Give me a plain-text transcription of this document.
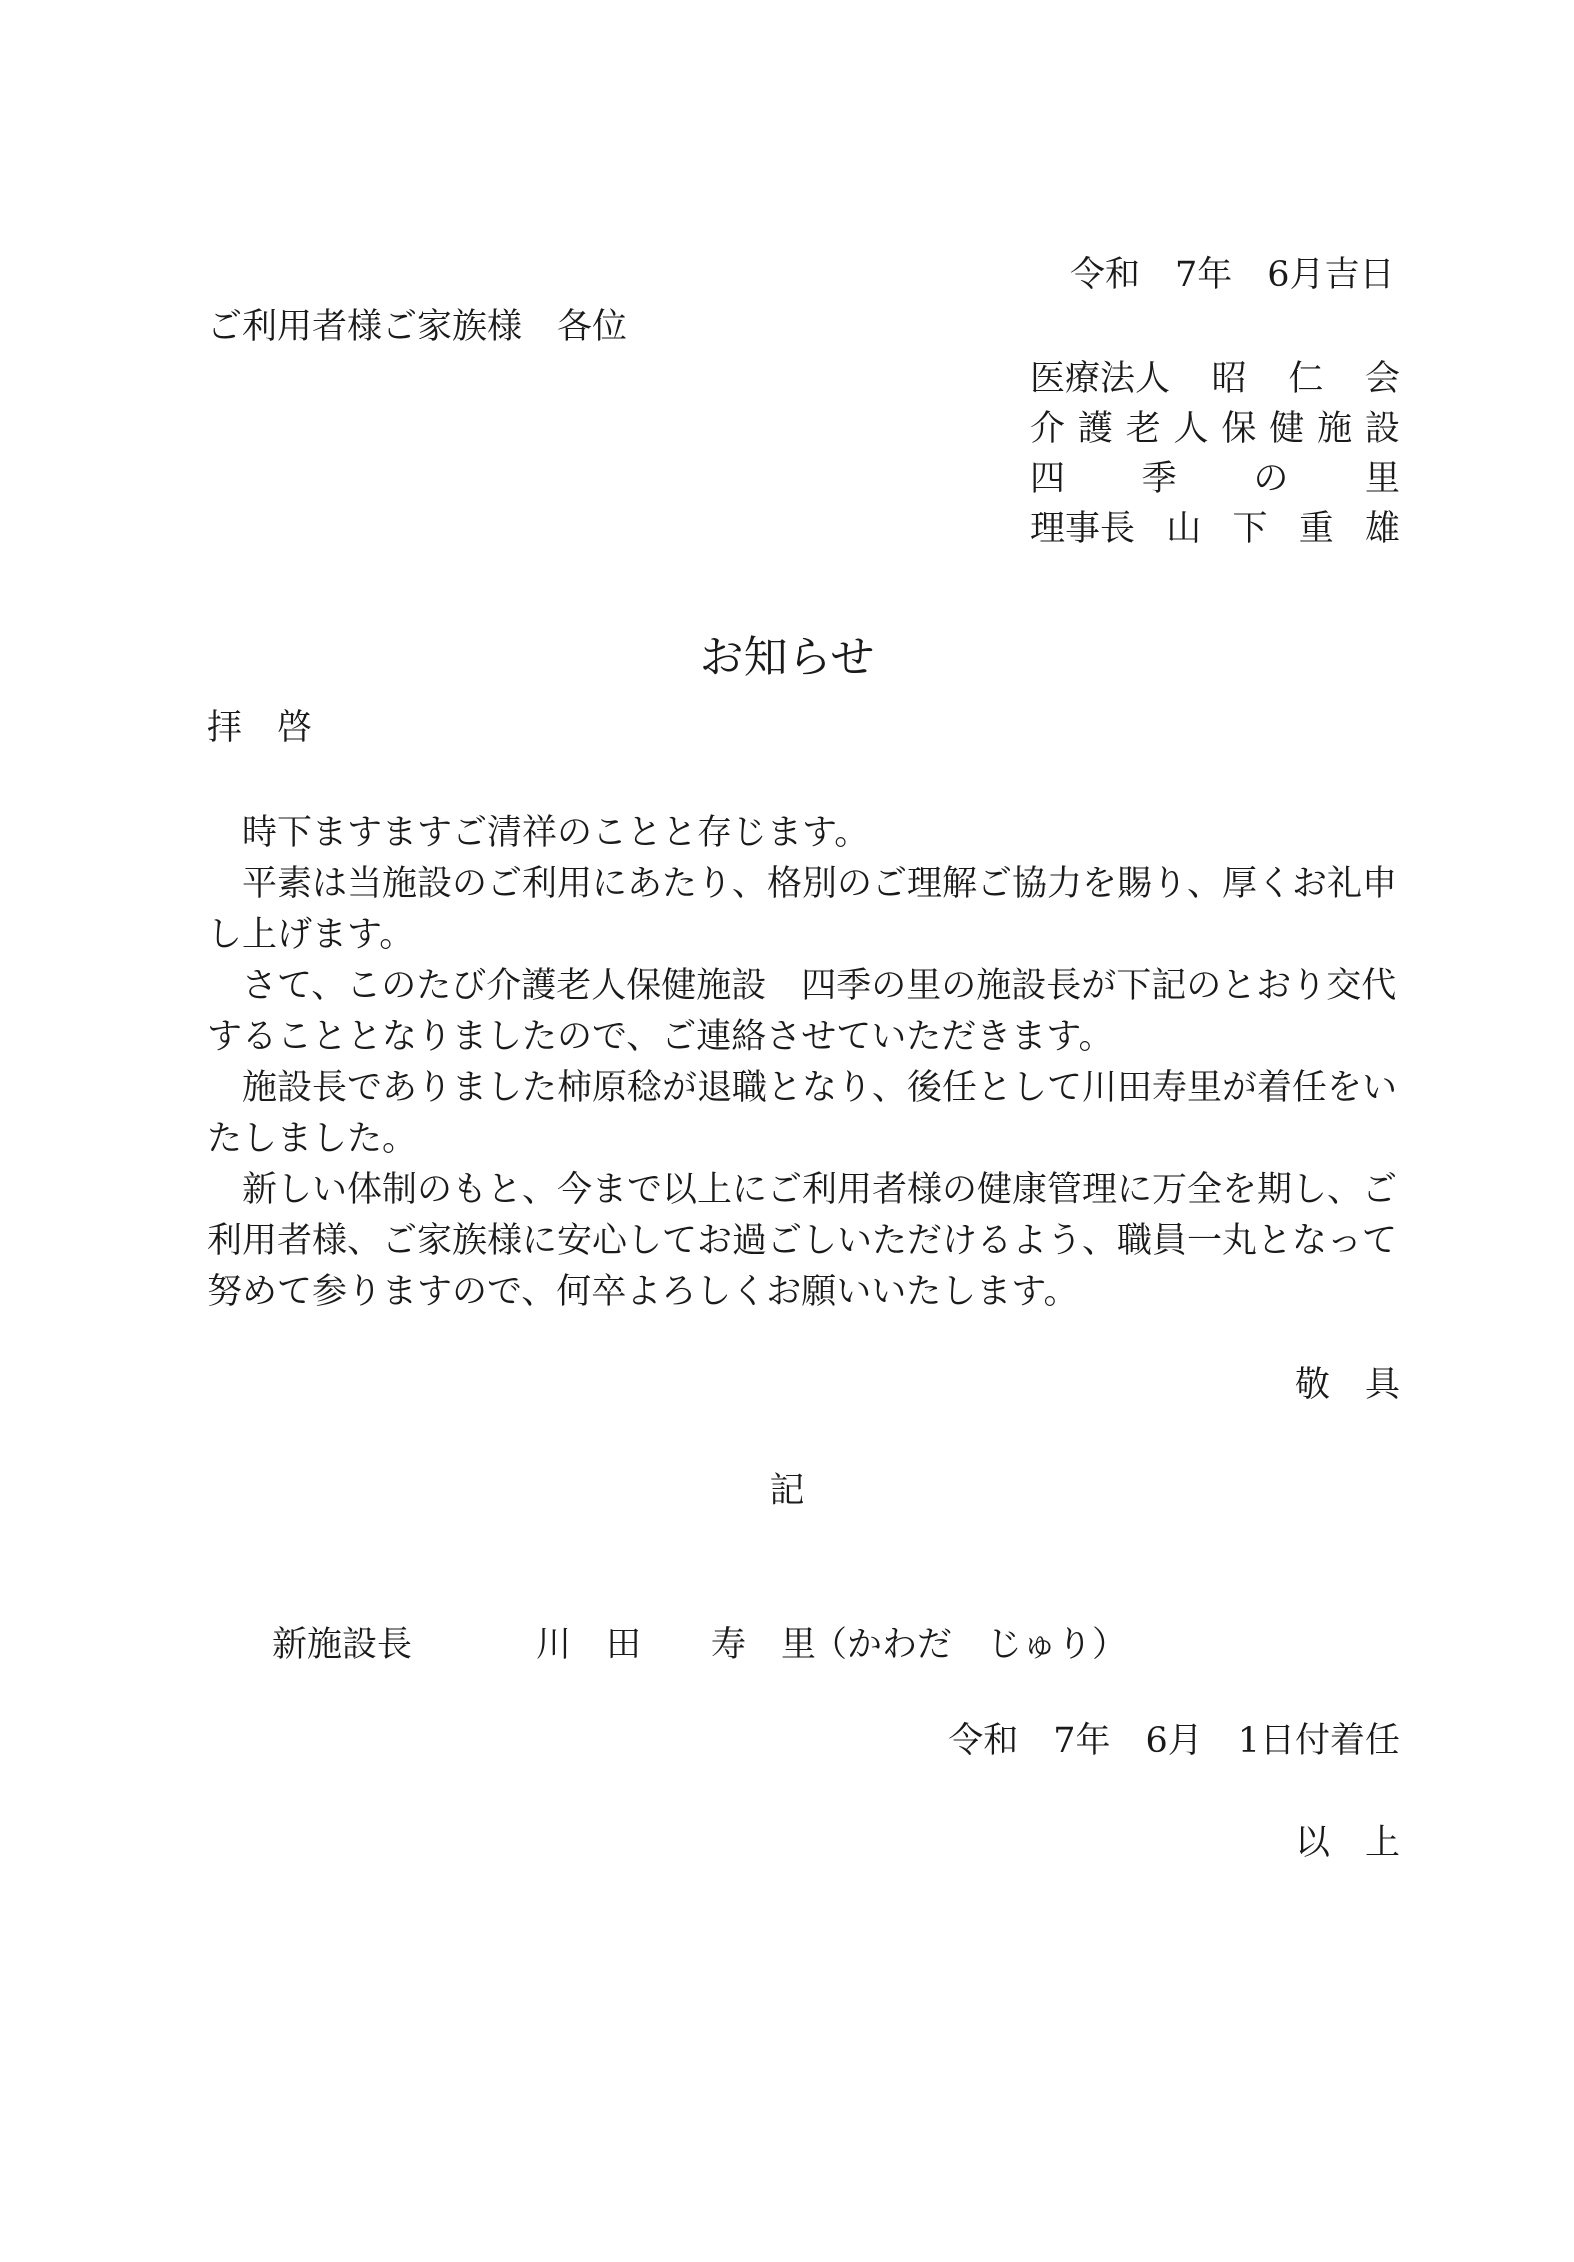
令和　7年　6月吉日
ご利用者様ご家族様　各位
医療法人 昭 仁 会
介 護 老 人 保 健 施 設
四 季 の 里
理事長 山 下 重 雄
お知らせ
拝　啓

時下ますますご清祥のことと存じます。

平素は当施設のご利用にあたり、格別のご理解ご協力を賜り、厚くお礼申し上げます。

さて、このたび介護老人保健施設　四季の里の施設長が下記のとおり交代することとなりましたので、ご連絡させていただきます。

施設長でありました柿原稔が退職となり、後任として川田寿里が着任をいたしました。

新しい体制のもと、今まで以上にご利用者様の健康管理に万全を期し、ご利用者様、ご家族様に安心してお過ごしいただけるよう、職員一丸となって努めて参りますので、何卒よろしくお願いいたします。

敬　具
記
新施設長	川　田　　寿　里
（かわだ　じゅり）
令和　7年　6月　1日付着任
以　上
